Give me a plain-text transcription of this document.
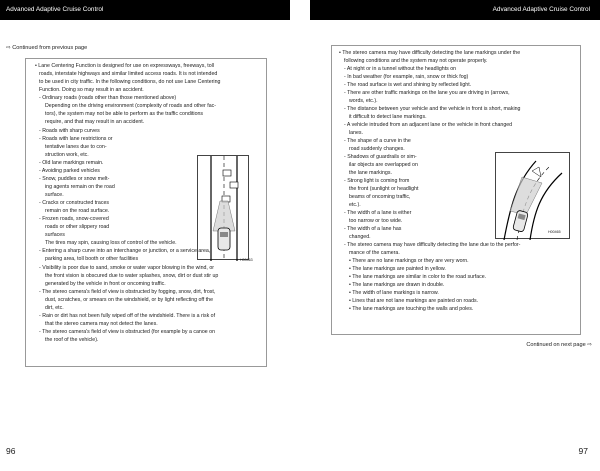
Advanced Adaptive Cruise Control
⇨ Continued from previous page
H00463
• Lane Centering Function is designed for use on expressways, freeways, toll
roads, interstate highways and similar limited access roads. It is not intended
to be used in city traffic. In the following conditions, do not use Lane Centering
Function. Doing so may result in an accident.
- Ordinary roads (roads other than those mentioned above)
Depending on the driving environment (complexity of roads and other fac-
tors), the system may not be able to perform as the traffic conditions
require, and that may result in an accident.
- Roads with sharp curves
- Roads with lane restrictions or
tentative lanes due to con-
struction work, etc.
- Old lane markings remain.
- Avoiding parked vehicles
- Snow, puddles or snow melt-
ing agents remain on the road
surface.
- Cracks or constructed traces
remain on the road surface.
- Frozen roads, snow-covered
roads or other slippery road
surfaces
The tires may spin, causing loss of control of the vehicle.
- Entering a sharp curve into an interchange or junction, or a service area,
parking area, toll booth or other facilities
- Visibility is poor due to sand, smoke or water vapor blowing in the wind, or
the front vision is obscured due to water splashes, snow, dirt or dust stir up
generated by the vehicle in front or oncoming traffic.
- The stereo camera's field of view is obstructed by fogging, snow, dirt, frost,
dust, scratches, or smears on the windshield, or by light reflecting off the
dirt, etc.
- Rain or dirt has not been fully wiped off of the windshield. There is a risk of
that the stereo camera may not detect the lanes.
- The stereo camera's field of view is obstructed (for example by a canoe on
the roof of the vehicle).
96
Advanced Adaptive Cruise Control
H00465
• The stereo camera may have difficulty detecting the lane markings under the
following conditions and the system may not operate properly.
- At night or in a tunnel without the headlights on
- In bad weather (for example, rain, snow or thick fog)
- The road surface is wet and shining by reflected light.
- There are other traffic markings on the lane you are driving in (arrows,
words, etc.).
- The distance between your vehicle and the vehicle in front is short, making
it difficult to detect lane markings.
- A vehicle intruded from an adjacent lane or the vehicle in front changed
lanes.
- The shape of a curve in the
road suddenly changes.
- Shadows of guardrails or sim-
ilar objects are overlapped on
the lane markings.
- Strong light is coming from
the front (sunlight or headlight
beams of oncoming traffic,
etc.).
- The width of a lane is either
too narrow or too wide.
- The width of a lane has
changed.
- The stereo camera may have difficulty detecting the lane due to the perfor-
mance of the camera.
• There are no lane markings or they are very worn.
• The lane markings are painted in yellow.
• The lane markings are similar in color to the road surface.
• The lane markings are drawn in double.
• The width of lane markings is narrow.
• Lines that are not lane markings are painted on roads.
• The lane markings are touching the walls and poles.
Continued on next page ⇨
97
